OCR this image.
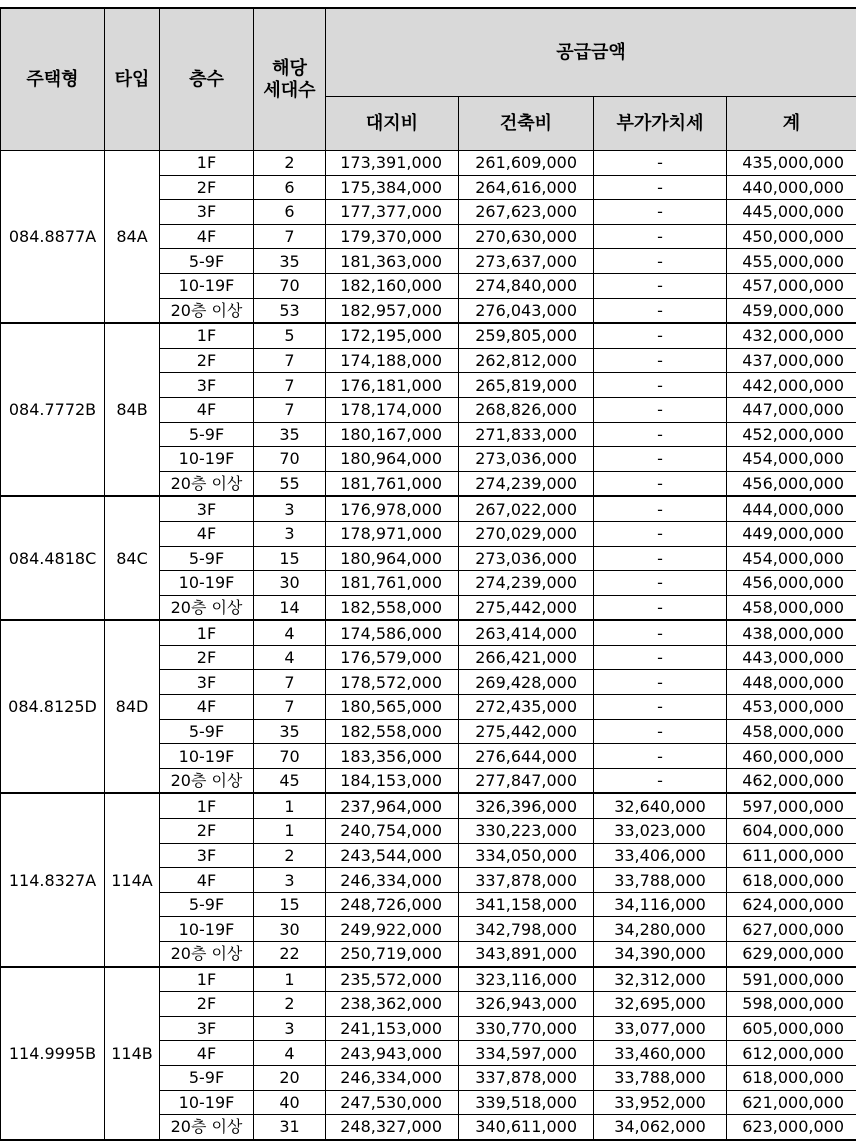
주택형	타입	층수	해당
세대수	공급금액			
				대지비	건축비	부가가치세	계
084.8877A	84A	1F	2	173,391,000	261,609,000	-	435,000,000
		2F	6	175,384,000	264,616,000	-	440,000,000
		3F	6	177,377,000	267,623,000	-	445,000,000
		4F	7	179,370,000	270,630,000	-	450,000,000
		5-9F	35	181,363,000	273,637,000	-	455,000,000
		10-19F	70	182,160,000	274,840,000	-	457,000,000
		20층 이상	53	182,957,000	276,043,000	-	459,000,000
084.7772B	84B	1F	5	172,195,000	259,805,000	-	432,000,000
		2F	7	174,188,000	262,812,000	-	437,000,000
		3F	7	176,181,000	265,819,000	-	442,000,000
		4F	7	178,174,000	268,826,000	-	447,000,000
		5-9F	35	180,167,000	271,833,000	-	452,000,000
		10-19F	70	180,964,000	273,036,000	-	454,000,000
		20층 이상	55	181,761,000	274,239,000	-	456,000,000
084.4818C	84C	3F	3	176,978,000	267,022,000	-	444,000,000
		4F	3	178,971,000	270,029,000	-	449,000,000
		5-9F	15	180,964,000	273,036,000	-	454,000,000
		10-19F	30	181,761,000	274,239,000	-	456,000,000
		20층 이상	14	182,558,000	275,442,000	-	458,000,000
084.8125D	84D	1F	4	174,586,000	263,414,000	-	438,000,000
		2F	4	176,579,000	266,421,000	-	443,000,000
		3F	7	178,572,000	269,428,000	-	448,000,000
		4F	7	180,565,000	272,435,000	-	453,000,000
		5-9F	35	182,558,000	275,442,000	-	458,000,000
		10-19F	70	183,356,000	276,644,000	-	460,000,000
		20층 이상	45	184,153,000	277,847,000	-	462,000,000
114.8327A	114A	1F	1	237,964,000	326,396,000	32,640,000	597,000,000
		2F	1	240,754,000	330,223,000	33,023,000	604,000,000
		3F	2	243,544,000	334,050,000	33,406,000	611,000,000
		4F	3	246,334,000	337,878,000	33,788,000	618,000,000
		5-9F	15	248,726,000	341,158,000	34,116,000	624,000,000
		10-19F	30	249,922,000	342,798,000	34,280,000	627,000,000
		20층 이상	22	250,719,000	343,891,000	34,390,000	629,000,000
114.9995B	114B	1F	1	235,572,000	323,116,000	32,312,000	591,000,000
		2F	2	238,362,000	326,943,000	32,695,000	598,000,000
		3F	3	241,153,000	330,770,000	33,077,000	605,000,000
		4F	4	243,943,000	334,597,000	33,460,000	612,000,000
		5-9F	20	246,334,000	337,878,000	33,788,000	618,000,000
		10-19F	40	247,530,000	339,518,000	33,952,000	621,000,000
		20층 이상	31	248,327,000	340,611,000	34,062,000	623,000,000
